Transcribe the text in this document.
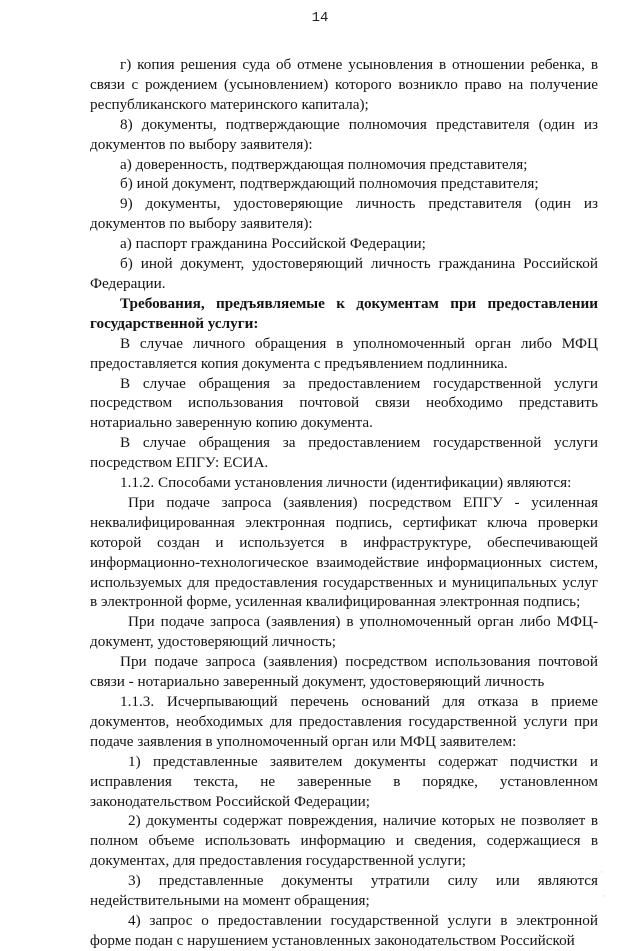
14

г) копия решения суда об отмене усыновления в отношении ребенка, в связи с рождением (усыновлением) которого возникло право на получение республиканского материнского капитала);

8) документы, подтверждающие полномочия представителя (один из документов по выбору заявителя):

а) доверенность, подтверждающая полномочия представителя;

б) иной документ, подтверждающий полномочия представителя;

9) документы, удостоверяющие личность представителя (один из документов по выбору заявителя):

а) паспорт гражданина Российской Федерации;

б) иной документ, удостоверяющий личность гражданина Российской Федерации.

Требования, предъявляемые к документам при предоставлении государственной услуги:

В случае личного обращения в уполномоченный орган либо МФЦ предоставляется копия документа с предъявлением подлинника.

В случае обращения за предоставлением государственной услуги посредством использования почтовой связи необходимо представить нотариально заверенную копию документа.

В случае обращения за предоставлением государственной услуги посредством ЕПГУ: ЕСИА.

1.1.2. Способами установления личности (идентификации) являются:

При подаче запроса (заявления) посредством ЕПГУ - усиленная неквалифицированная электронная подпись, сертификат ключа проверки которой создан и используется в инфраструктуре, обеспечивающей информационно-технологическое взаимодействие информационных систем, используемых для предоставления государственных и муниципальных услуг в электронной форме, усиленная квалифицированная электронная подпись;

При подаче запроса (заявления) в уполномоченный орган либо МФЦ-документ, удостоверяющий личность;

При подаче запроса (заявления) посредством использования почтовой связи - нотариально заверенный документ, удостоверяющий личность

1.1.3. Исчерпывающий перечень оснований для отказа в приеме документов, необходимых для предоставления государственной услуги при подаче заявления в уполномоченный орган или МФЦ заявителем:

1) представленные заявителем документы содержат подчистки и исправления текста, не заверенные в порядке, установленном законодательством Российской Федерации;

2) документы содержат повреждения, наличие которых не позволяет в полном объеме использовать информацию и сведения, содержащиеся в документах, для предоставления государственной услуги;

3) представленные документы утратили силу или являются недействительными на момент обращения;

4) запрос о предоставлении государственной услуги в электронной форме подан с нарушением установленных законодательством Российской

·
·
